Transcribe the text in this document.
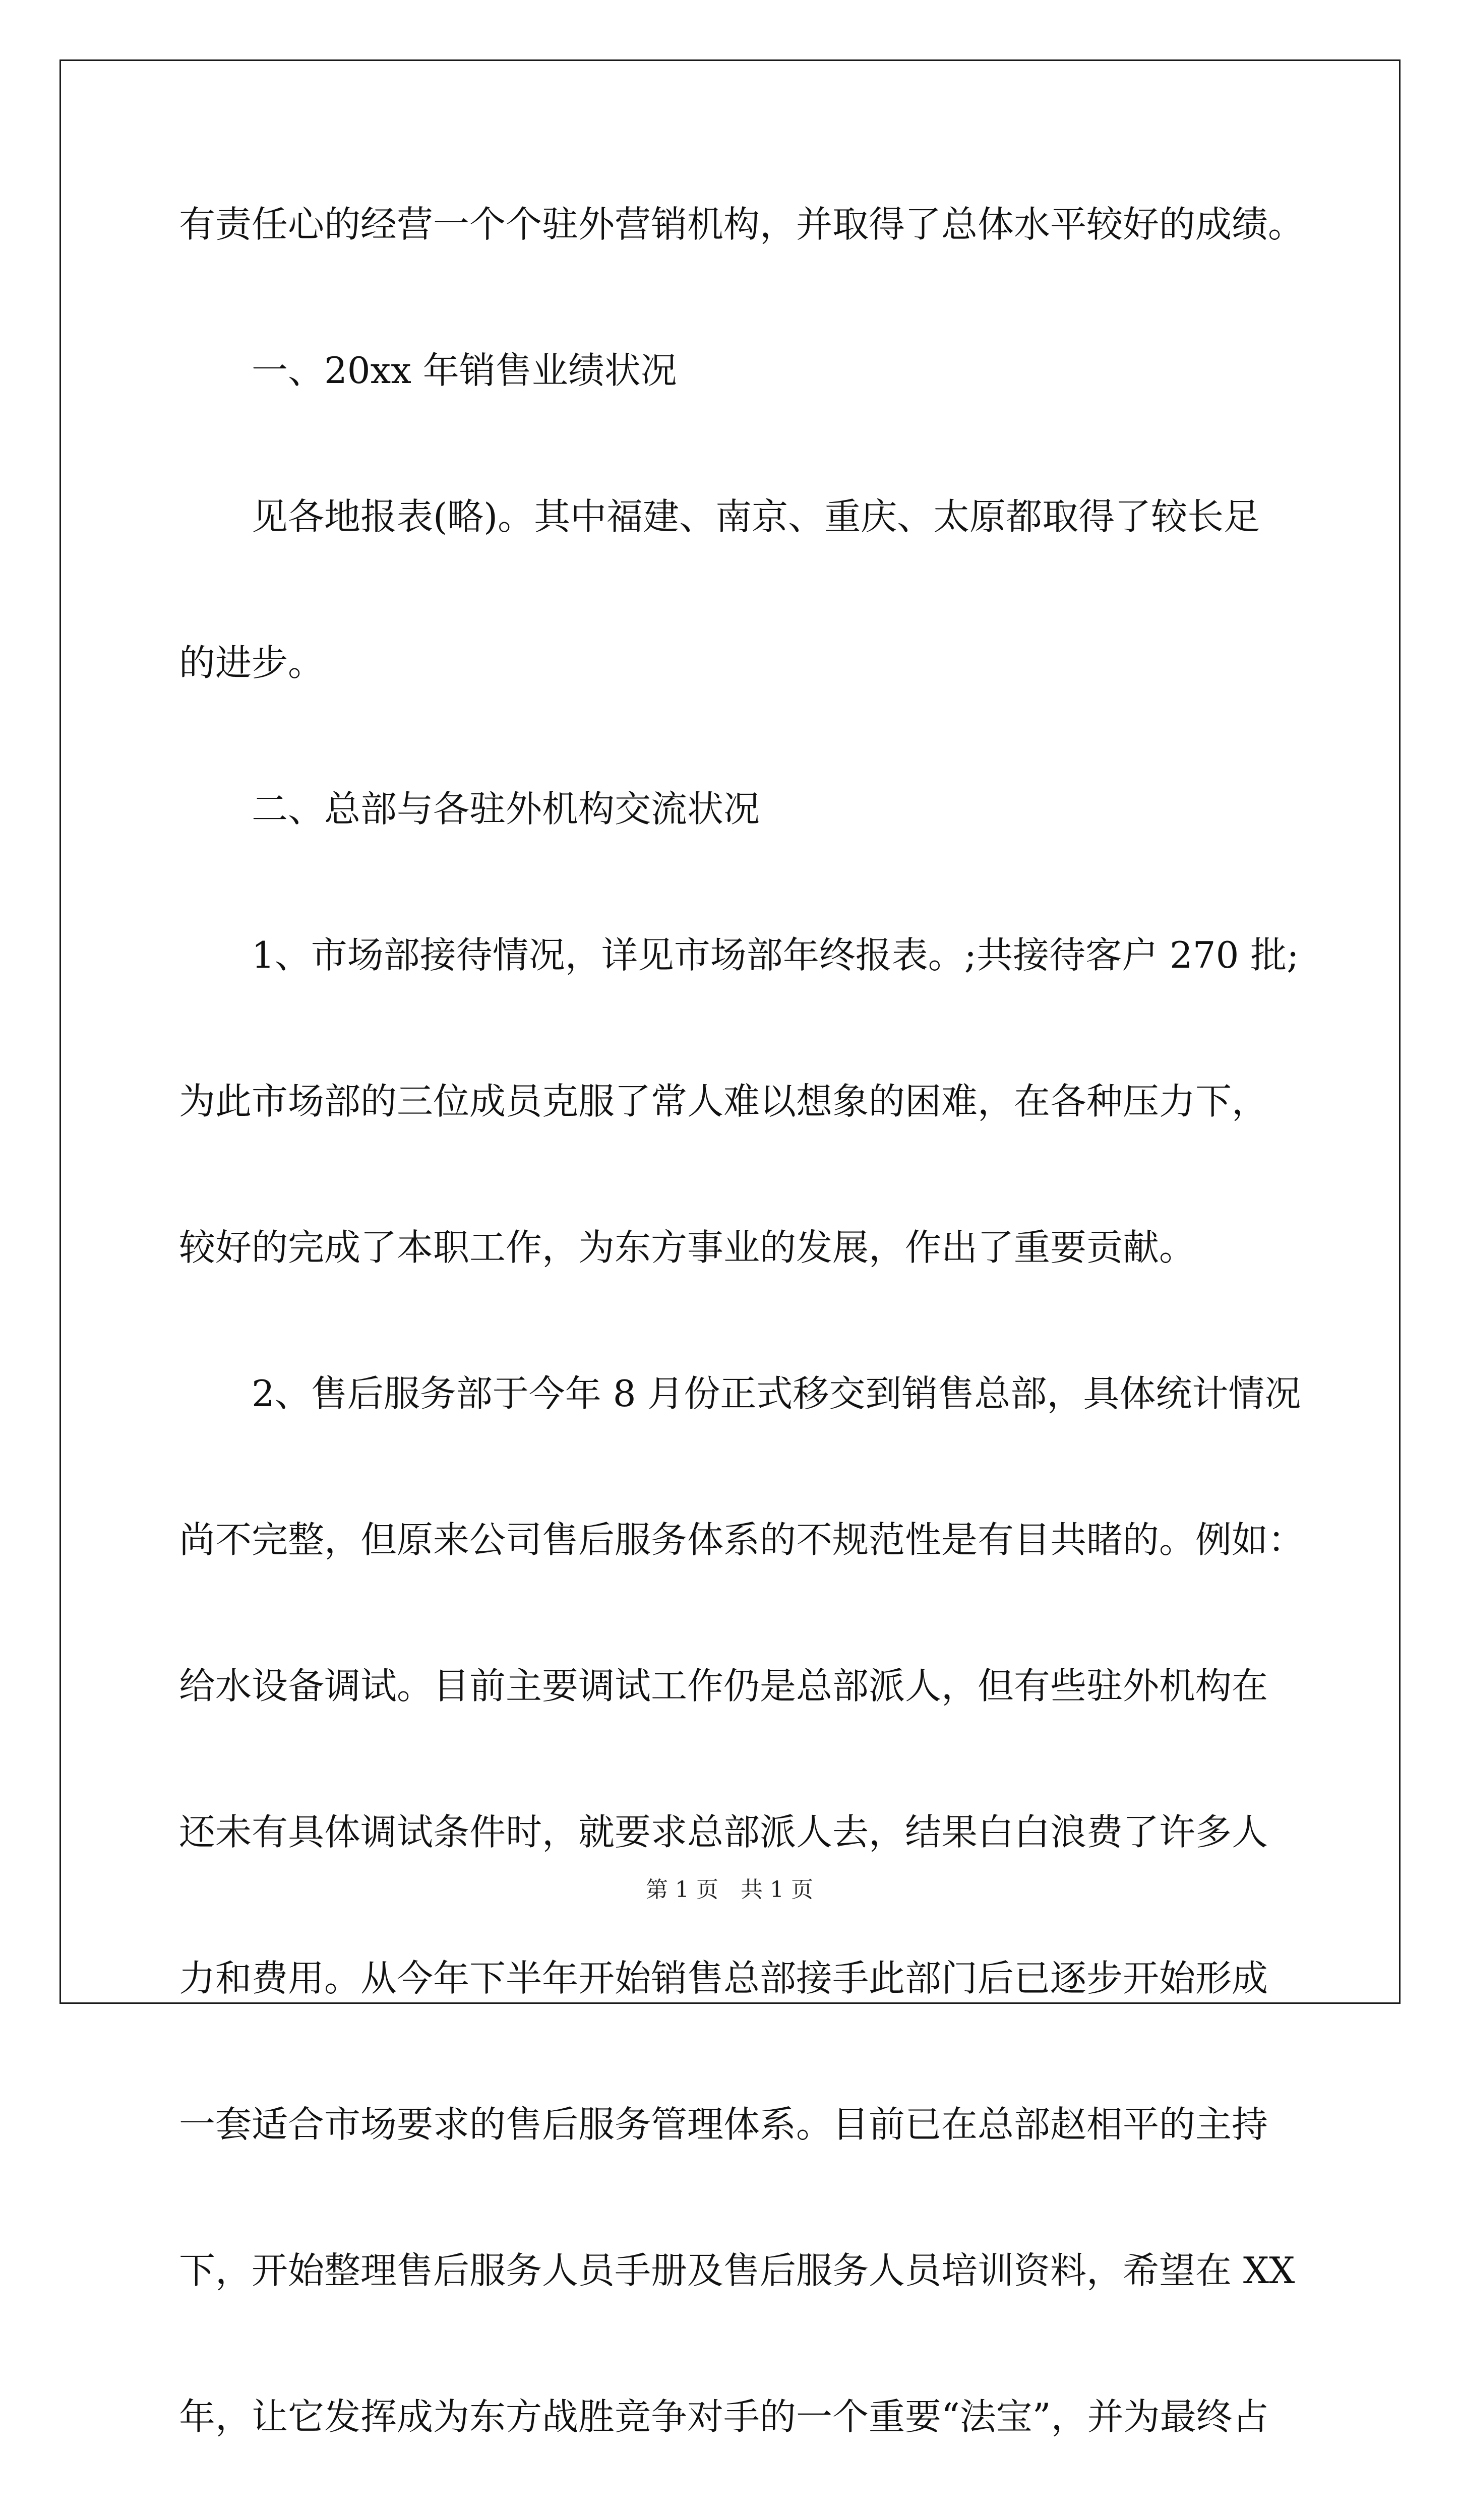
有责任心的经营一个个驻外营销机构，并取得了总体水平较好的成绩。
　　一、20xx 年销售业绩状况
　　见各地报表(略)。其中福建、南京、重庆、太原都取得了较长足
的进步。
　　二、总部与各驻外机构交流状况
　　1、市场部接待情况，详见市场部年终报表。;共接待客户 270 批;
为此市场部的三位成员克服了常人难以想象的困难，在各种压力下，
较好的完成了本职工作，为东方事业的发展，作出了重要贡献。
　　2、售后服务部于今年 8 月份正式移交到销售总部，具体统计情况
尚不完整，但原来公司售后服务体系的不规范性是有目共睹的。例如：
给水设备调试。目前主要调试工作仍是总部派人，但有些驻外机构在
还未有具体调试条件时，就要求总部派人去，结果白白浪费了许多人
力和费用。从今年下半年开始销售总部接手此部门后已逐步开始形成
一套适合市场要求的售后服务管理体系。目前已在总部赵相平的主持
下，开始整理售后服务人员手册及售后服务人员培训资料，希望在 XX
年，让它发挥成为东方战胜竞争对手的一个重要“法宝”，并为最终占
第 1 页　共 1 页
